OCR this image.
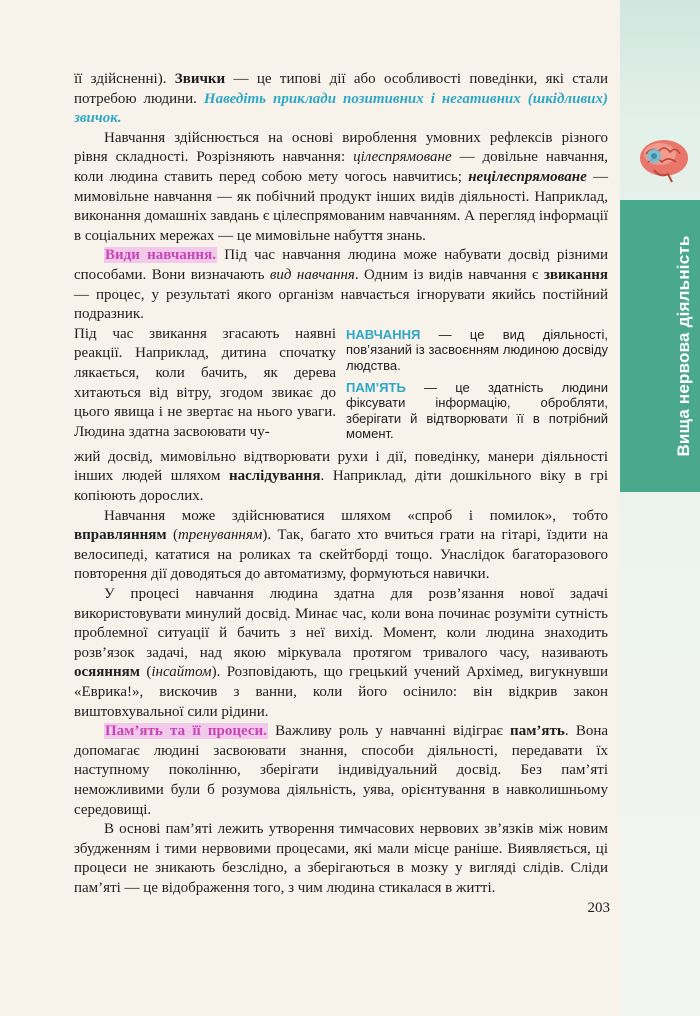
Вища нервова діяльність

її здійсненні). Звички — це типові дії або особливості поведінки, які стали потребою людини. Наведіть приклади позитивних і негативних (шкідливих) звичок.

Навчання здійснюється на основі вироблення умовних рефлексів різного рівня складності. Розрізняють навчання: цілеспрямоване — довільне навчання, коли людина ставить перед собою мету чогось навчитись; нецілеспрямоване — мимовільне навчання — як побічний продукт інших видів діяльності. Наприклад, виконання домашніх завдань є цілеспрямованим навчанням. А перегляд інформації в соціальних мережах — це мимовільне набуття знань.

Види навчання. Під час навчання людина може набувати досвід різними способами. Вони визначають вид навчання. Одним із видів навчання є звикання — процес, у результаті якого організм навчається ігнорувати якийсь постійний подразник.

Під час звикання згасають наявні реакції. Наприклад, дитина спочатку лякається, коли бачить, як дерева хитаються від вітру, згодом звикає до цього явища і не звертає на нього уваги. Людина здатна засвоювати чу-

НАВЧАННЯ — це вид діяльності, пов’язаний із засвоєнням людиною досвіду людства.

ПАМ’ЯТЬ — це здатність людини фіксувати інформацію, обробляти, зберігати й відтворювати її в потрібний момент.

жий досвід, мимовільно відтворювати рухи і дії, поведінку, манери діяльності інших людей шляхом наслідування. Наприклад, діти дошкільного віку в грі копіюють дорослих.

Навчання може здійснюватися шляхом «спроб і помилок», тобто вправлянням (тренуванням). Так, багато хто вчиться грати на гітарі, їздити на велосипеді, кататися на роликах та скейтборді тощо. Унаслідок багаторазового повторення дії доводяться до автоматизму, формуються навички.

У процесі навчання людина здатна для розв’язання нової задачі використовувати минулий досвід. Минає час, коли вона починає розуміти сутність проблемної ситуації й бачить з неї вихід. Момент, коли людина знаходить розв’язок задачі, над якою міркувала протягом тривалого часу, називають осяянням (інсайтом). Розповідають, що грецький учений Архімед, вигукнувши «Еврика!», вискочив з ванни, коли його осінило: він відкрив закон виштовхувальної сили рідини.

Пам’ять та її процеси. Важливу роль у навчанні відіграє пам’ять. Вона допомагає людині засвоювати знання, способи діяльності, передавати їх наступному поколінню, зберігати індивідуальний досвід. Без пам’яті неможливими були б розумова діяльність, уява, орієнтування в навколишньому середовищі.

В основі пам’яті лежить утворення тимчасових нервових зв’язків між новим збудженням і тими нервовими процесами, які мали місце раніше. Виявляється, ці процеси не зникають безслідно, а зберігаються в мозку у вигляді слідів. Сліди пам’яті — це відображення того, з чим людина стикалася в житті.

203
